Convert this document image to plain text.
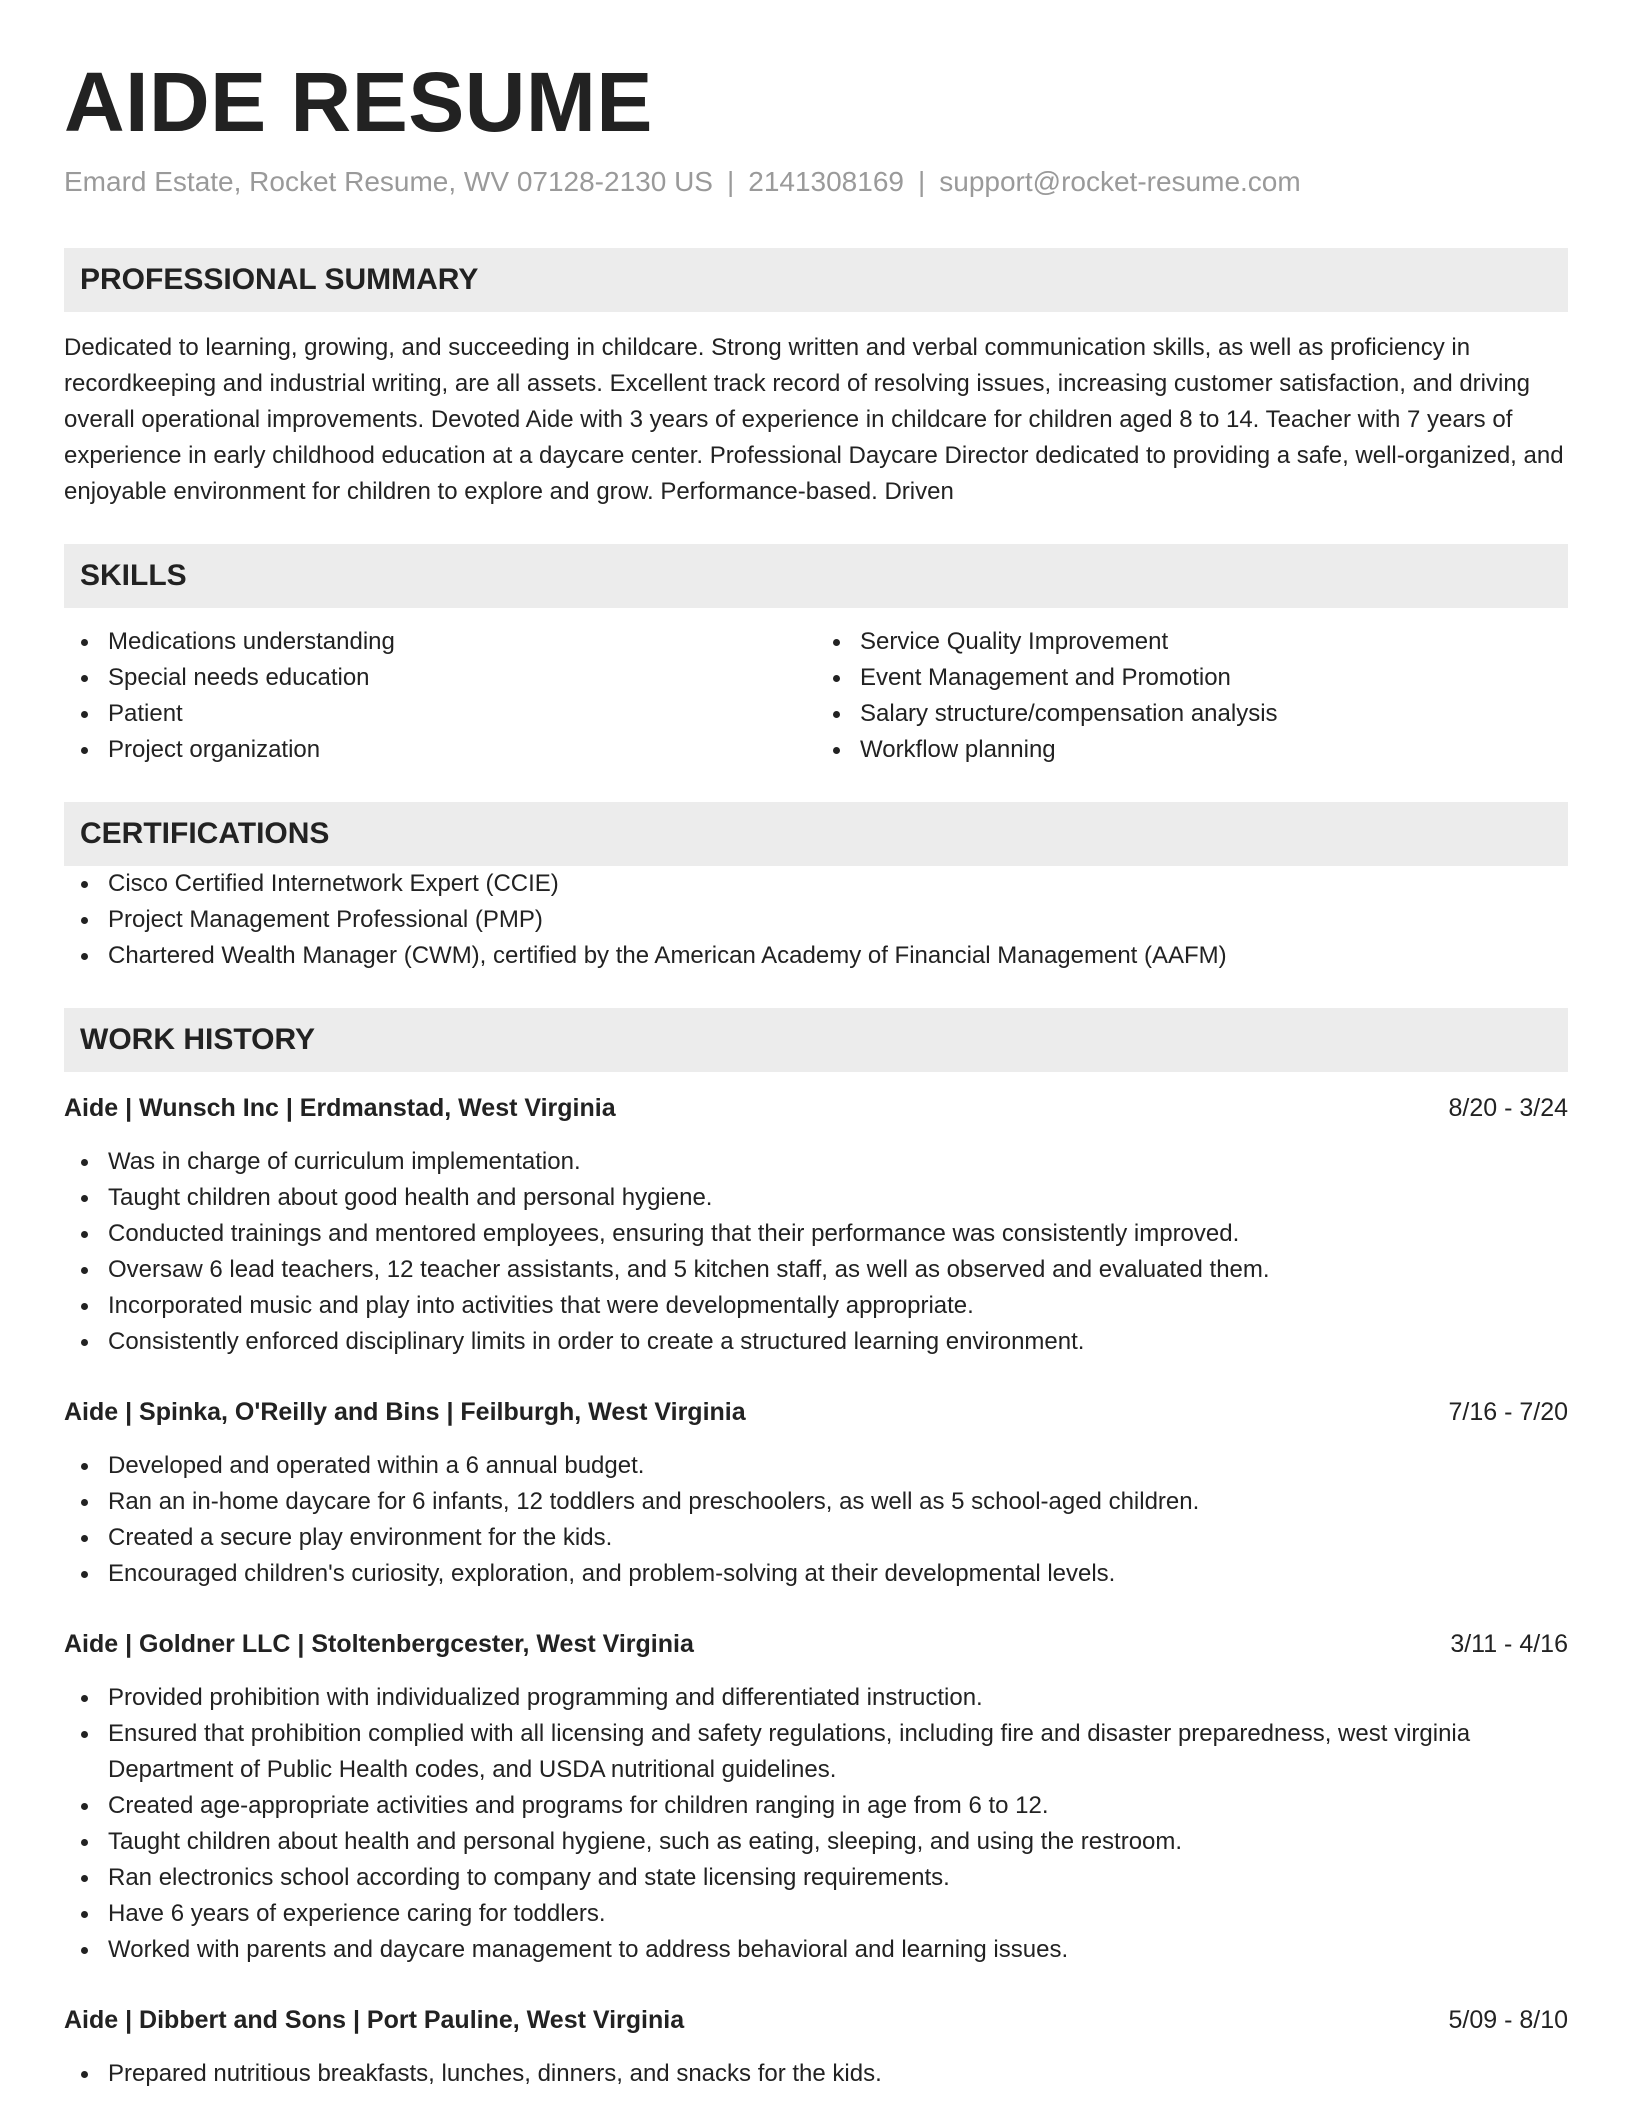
AIDE RESUME
Emard Estate, Rocket Resume, WV 07128-2130 US | 2141308169 | support@rocket-resume.com
PROFESSIONAL SUMMARY

Dedicated to learning, growing, and succeeding in childcare. Strong written and verbal communication skills, as well as proficiency in recordkeeping and industrial writing, are all assets. Excellent track record of resolving issues, increasing customer satisfaction, and driving overall operational improvements. Devoted Aide with 3 years of experience in childcare for children aged 8 to 14. Teacher with 7 years of experience in early childhood education at a daycare center. Professional Daycare Director dedicated to providing a safe, well-organized, and enjoyable environment for children to explore and grow. Performance-based. Driven

SKILLS
Medications understanding
Special needs education
Patient
Project organization
Service Quality Improvement
Event Management and Promotion
Salary structure/compensation analysis
Workflow planning
CERTIFICATIONS
Cisco Certified Internetwork Expert (CCIE)
Project Management Professional (PMP)
Chartered Wealth Manager (CWM), certified by the American Academy of Financial Management (AAFM)
WORK HISTORY
Aide | Wunsch Inc | Erdmanstad, West Virginia	8/20 - 3/24
Was in charge of curriculum implementation.
Taught children about good health and personal hygiene.
Conducted trainings and mentored employees, ensuring that their performance was consistently improved.
Oversaw 6 lead teachers, 12 teacher assistants, and 5 kitchen staff, as well as observed and evaluated them.
Incorporated music and play into activities that were developmentally appropriate.
Consistently enforced disciplinary limits in order to create a structured learning environment.
Aide | Spinka, O'Reilly and Bins | Feilburgh, West Virginia	7/16 - 7/20
Developed and operated within a 6 annual budget.
Ran an in-home daycare for 6 infants, 12 toddlers and preschoolers, as well as 5 school-aged children.
Created a secure play environment for the kids.
Encouraged children's curiosity, exploration, and problem-solving at their developmental levels.
Aide | Goldner LLC | Stoltenbergcester, West Virginia	3/11 - 4/16
Provided prohibition with individualized programming and differentiated instruction.
Ensured that prohibition complied with all licensing and safety regulations, including fire and disaster preparedness, west virginia Department of Public Health codes, and USDA nutritional guidelines.
Created age-appropriate activities and programs for children ranging in age from 6 to 12.
Taught children about health and personal hygiene, such as eating, sleeping, and using the restroom.
Ran electronics school according to company and state licensing requirements.
Have 6 years of experience caring for toddlers.
Worked with parents and daycare management to address behavioral and learning issues.
Aide | Dibbert and Sons | Port Pauline, West Virginia	5/09 - 8/10
Prepared nutritious breakfasts, lunches, dinners, and snacks for the kids.
